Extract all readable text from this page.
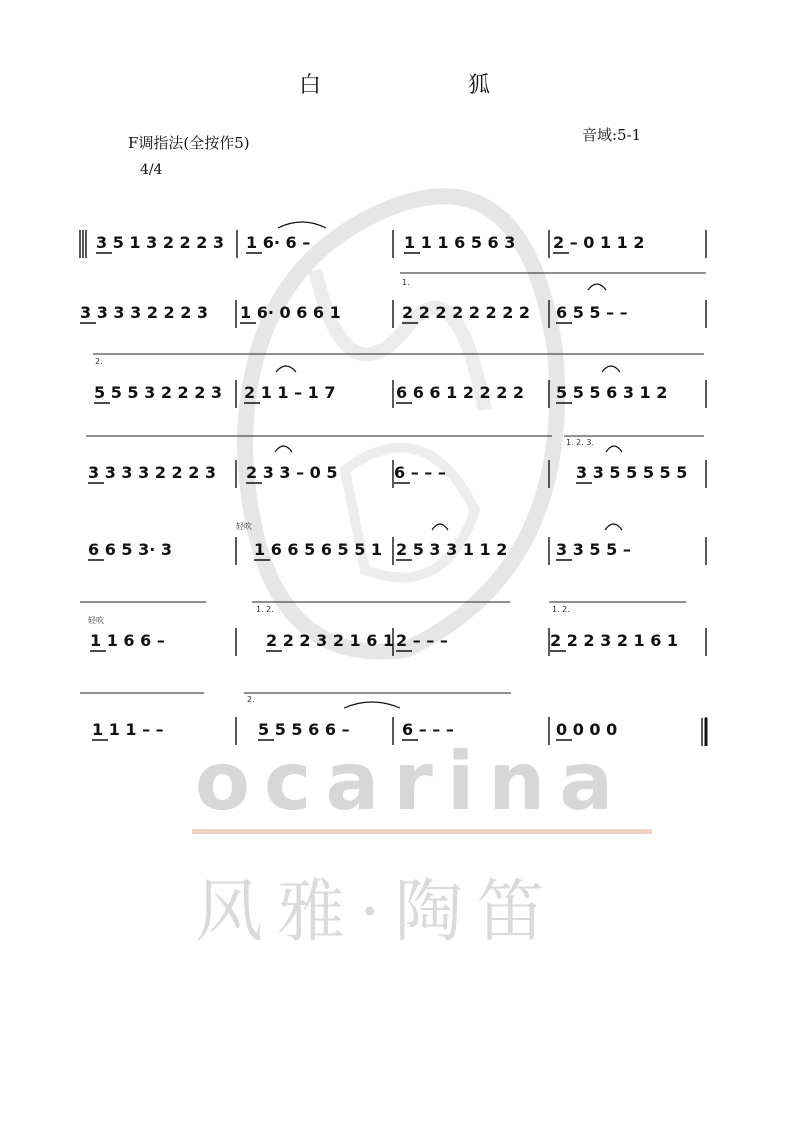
ocarina
风雅·陶笛
白	狐
F调指法(全按作5)
4/4
音域:5-1
1.
2.
1. 2. 3.
轻吹
轻吹
1. 2.	1. 2.
2.
3 5 1 3 2 2 2 3 1 6· 6 –	1 1 1 6 5 6 3 2 – 0 1 1 2
3 3 3 3 2 2 2 3 1 6· 0 6 6 1	2 2 2 2 2 2 2 2 6 5 5 – –
5 5 5 3 2 2 2 3 2 1 1 – 1 7	6 6 6 1 2 2 2 2 5 5 5 6 3 1 2
3 3 3 3 2 2 2 3 2 3 3 – 0 5	6 – – –	3 3 5 5 5 5 5
6 6 5 3· 3	1 6 6 5 6 5 5 1 2 5 3 3 1 1 2	3 3 5 5 –
1 1 6 6 –	2 2 2 3 2 1 6 1 2 – – –	2 2 2 3 2 1 6 1
1 1 1 – –	5 5 5 6 6 –	6 – – –	0 0 0 0
